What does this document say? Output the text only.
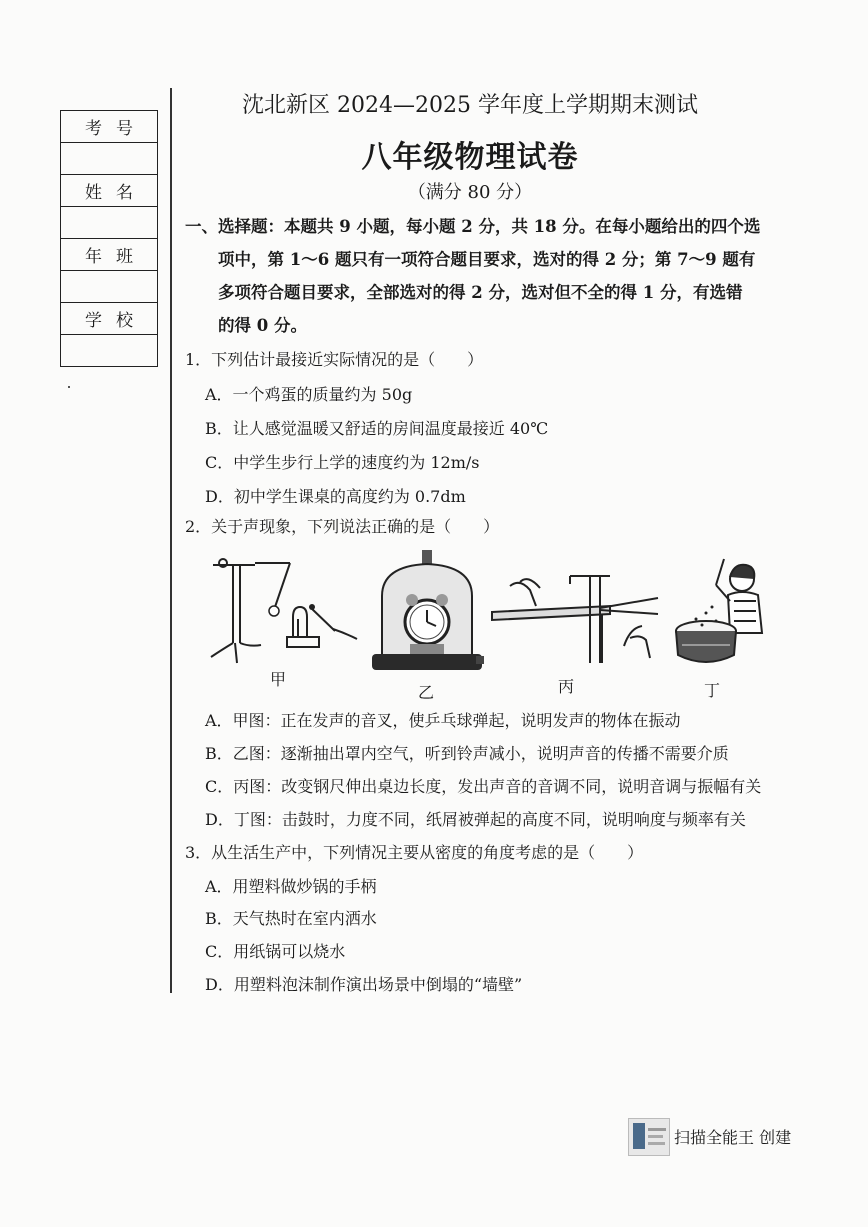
考号

姓名

年班

学校

沈北新区 2024—2025 学年度上学期期末测试
八年级物理试卷
（满分 80 分）
一、选择题：本题共 9 小题，每小题 2 分，共 18 分。在每小题给出的四个选
项中，第 1～6 题只有一项符合题目要求，选对的得 2 分；第 7～9 题有
多项符合题目要求，全部选对的得 2 分，选对但不全的得 1 分，有选错
的得 0 分。
1．下列估计最接近实际情况的是（　　）
A．一个鸡蛋的质量约为 50g
B．让人感觉温暖又舒适的房间温度最接近 40℃
C．中学生步行上学的速度约为 12m/s
D．初中学生课桌的高度约为 0.7dm
2．关于声现象，下列说法正确的是（　　）
甲
乙	丙	丁
A．甲图：正在发声的音叉，使乒乓球弹起，说明发声的物体在振动
B．乙图：逐渐抽出罩内空气，听到铃声减小，说明声音的传播不需要介质
C．丙图：改变钢尺伸出桌边长度，发出声音的音调不同，说明音调与振幅有关
D．丁图：击鼓时，力度不同，纸屑被弹起的高度不同，说明响度与频率有关
3．从生活生产中，下列情况主要从密度的角度考虑的是（　　）
A．用塑料做炒锅的手柄
B．天气热时在室内洒水
C．用纸锅可以烧水
D．用塑料泡沫制作演出场景中倒塌的“墙壁”
扫描全能王 创建
